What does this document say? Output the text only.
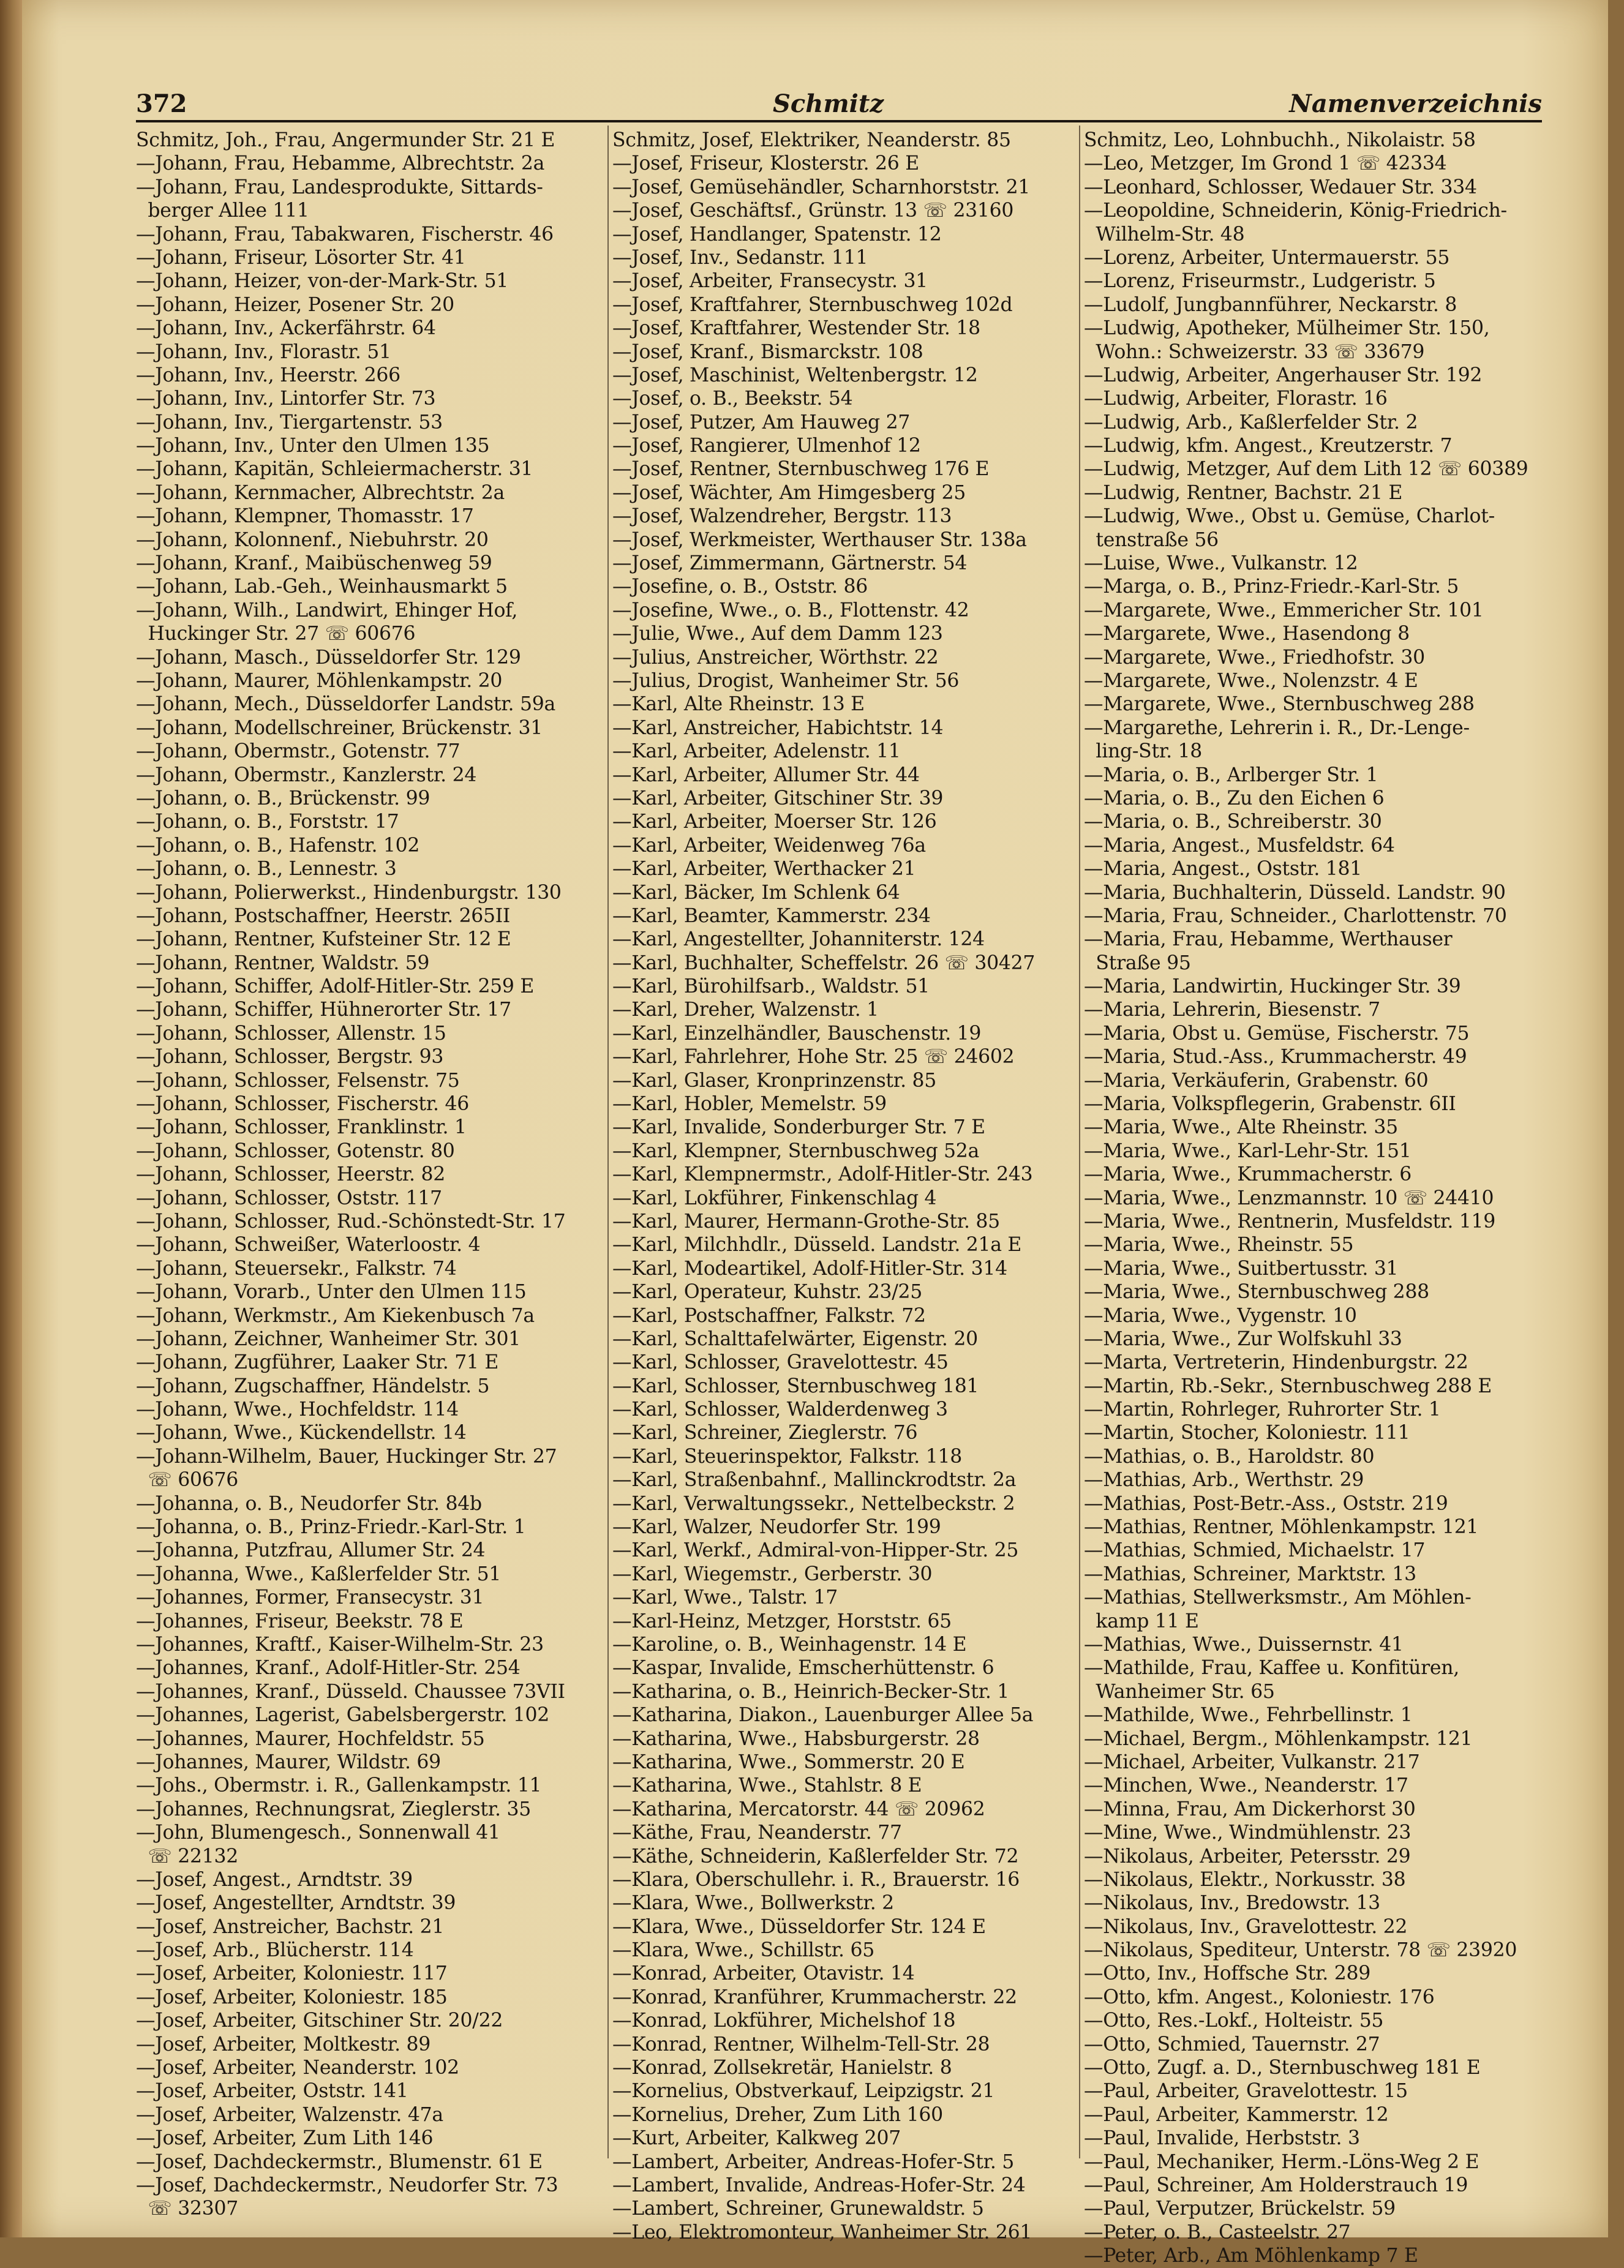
372	Schmitz	Namenverzeichnis
Schmitz, Joh., Frau, Angermunder Str. 21 E
—Johann, Frau, Hebamme, Albrechtstr. 2a
—Johann, Frau, Landesprodukte, Sittards-
berger Allee 111
—Johann, Frau, Tabakwaren, Fischerstr. 46
—Johann, Friseur, Lösorter Str. 41
—Johann, Heizer, von-der-Mark-Str. 51
—Johann, Heizer, Posener Str. 20
—Johann, Inv., Ackerfährstr. 64
—Johann, Inv., Florastr. 51
—Johann, Inv., Heerstr. 266
—Johann, Inv., Lintorfer Str. 73
—Johann, Inv., Tiergartenstr. 53
—Johann, Inv., Unter den Ulmen 135
—Johann, Kapitän, Schleiermacherstr. 31
—Johann, Kernmacher, Albrechtstr. 2a
—Johann, Klempner, Thomasstr. 17
—Johann, Kolonnenf., Niebuhrstr. 20
—Johann, Kranf., Maibüschenweg 59
—Johann, Lab.-Geh., Weinhausmarkt 5
—Johann, Wilh., Landwirt, Ehinger Hof,
Huckinger Str. 27 ☏ 60676
—Johann, Masch., Düsseldorfer Str. 129
—Johann, Maurer, Möhlenkampstr. 20
—Johann, Mech., Düsseldorfer Landstr. 59a
—Johann, Modellschreiner, Brückenstr. 31
—Johann, Obermstr., Gotenstr. 77
—Johann, Obermstr., Kanzlerstr. 24
—Johann, o. B., Brückenstr. 99
—Johann, o. B., Forststr. 17
—Johann, o. B., Hafenstr. 102
—Johann, o. B., Lennestr. 3
—Johann, Polierwerkst., Hindenburgstr. 130
—Johann, Postschaffner, Heerstr. 265II
—Johann, Rentner, Kufsteiner Str. 12 E
—Johann, Rentner, Waldstr. 59
—Johann, Schiffer, Adolf-Hitler-Str. 259 E
—Johann, Schiffer, Hühnerorter Str. 17
—Johann, Schlosser, Allenstr. 15
—Johann, Schlosser, Bergstr. 93
—Johann, Schlosser, Felsenstr. 75
—Johann, Schlosser, Fischerstr. 46
—Johann, Schlosser, Franklinstr. 1
—Johann, Schlosser, Gotenstr. 80
—Johann, Schlosser, Heerstr. 82
—Johann, Schlosser, Oststr. 117
—Johann, Schlosser, Rud.-Schönstedt-Str. 17
—Johann, Schweißer, Waterloostr. 4
—Johann, Steuersekr., Falkstr. 74
—Johann, Vorarb., Unter den Ulmen 115
—Johann, Werkmstr., Am Kiekenbusch 7a
—Johann, Zeichner, Wanheimer Str. 301
—Johann, Zugführer, Laaker Str. 71 E
—Johann, Zugschaffner, Händelstr. 5
—Johann, Wwe., Hochfeldstr. 114
—Johann, Wwe., Kückendellstr. 14
—Johann-Wilhelm, Bauer, Huckinger Str. 27
☏ 60676
—Johanna, o. B., Neudorfer Str. 84b
—Johanna, o. B., Prinz-Friedr.-Karl-Str. 1
—Johanna, Putzfrau, Allumer Str. 24
—Johanna, Wwe., Kaßlerfelder Str. 51
—Johannes, Former, Fransecystr. 31
—Johannes, Friseur, Beekstr. 78 E
—Johannes, Kraftf., Kaiser-Wilhelm-Str. 23
—Johannes, Kranf., Adolf-Hitler-Str. 254
—Johannes, Kranf., Düsseld. Chaussee 73VII
—Johannes, Lagerist, Gabelsbergerstr. 102
—Johannes, Maurer, Hochfeldstr. 55
—Johannes, Maurer, Wildstr. 69
—Johs., Obermstr. i. R., Gallenkampstr. 11
—Johannes, Rechnungsrat, Zieglerstr. 35
—John, Blumengesch., Sonnenwall 41
☏ 22132
—Josef, Angest., Arndtstr. 39
—Josef, Angestellter, Arndtstr. 39
—Josef, Anstreicher, Bachstr. 21
—Josef, Arb., Blücherstr. 114
—Josef, Arbeiter, Koloniestr. 117
—Josef, Arbeiter, Koloniestr. 185
—Josef, Arbeiter, Gitschiner Str. 20/22
—Josef, Arbeiter, Moltkestr. 89
—Josef, Arbeiter, Neanderstr. 102
—Josef, Arbeiter, Oststr. 141
—Josef, Arbeiter, Walzenstr. 47a
—Josef, Arbeiter, Zum Lith 146
—Josef, Dachdeckermstr., Blumenstr. 61 E
—Josef, Dachdeckermstr., Neudorfer Str. 73
☏ 32307
Schmitz, Josef, Elektriker, Neanderstr. 85
—Josef, Friseur, Klosterstr. 26 E
—Josef, Gemüsehändler, Scharnhorststr. 21
—Josef, Geschäftsf., Grünstr. 13 ☏ 23160
—Josef, Handlanger, Spatenstr. 12
—Josef, Inv., Sedanstr. 111
—Josef, Arbeiter, Fransecystr. 31
—Josef, Kraftfahrer, Sternbuschweg 102d
—Josef, Kraftfahrer, Westender Str. 18
—Josef, Kranf., Bismarckstr. 108
—Josef, Maschinist, Weltenbergstr. 12
—Josef, o. B., Beekstr. 54
—Josef, Putzer, Am Hauweg 27
—Josef, Rangierer, Ulmenhof 12
—Josef, Rentner, Sternbuschweg 176 E
—Josef, Wächter, Am Himgesberg 25
—Josef, Walzendreher, Bergstr. 113
—Josef, Werkmeister, Werthauser Str. 138a
—Josef, Zimmermann, Gärtnerstr. 54
—Josefine, o. B., Oststr. 86
—Josefine, Wwe., o. B., Flottenstr. 42
—Julie, Wwe., Auf dem Damm 123
—Julius, Anstreicher, Wörthstr. 22
—Julius, Drogist, Wanheimer Str. 56
—Karl, Alte Rheinstr. 13 E
—Karl, Anstreicher, Habichtstr. 14
—Karl, Arbeiter, Adelenstr. 11
—Karl, Arbeiter, Allumer Str. 44
—Karl, Arbeiter, Gitschiner Str. 39
—Karl, Arbeiter, Moerser Str. 126
—Karl, Arbeiter, Weidenweg 76a
—Karl, Arbeiter, Werthacker 21
—Karl, Bäcker, Im Schlenk 64
—Karl, Beamter, Kammerstr. 234
—Karl, Angestellter, Johanniterstr. 124
—Karl, Buchhalter, Scheffelstr. 26 ☏ 30427
—Karl, Bürohilfsarb., Waldstr. 51
—Karl, Dreher, Walzenstr. 1
—Karl, Einzelhändler, Bauschenstr. 19
—Karl, Fahrlehrer, Hohe Str. 25 ☏ 24602
—Karl, Glaser, Kronprinzenstr. 85
—Karl, Hobler, Memelstr. 59
—Karl, Invalide, Sonderburger Str. 7 E
—Karl, Klempner, Sternbuschweg 52a
—Karl, Klempnermstr., Adolf-Hitler-Str. 243
—Karl, Lokführer, Finkenschlag 4
—Karl, Maurer, Hermann-Grothe-Str. 85
—Karl, Milchhdlr., Düsseld. Landstr. 21a E
—Karl, Modeartikel, Adolf-Hitler-Str. 314
—Karl, Operateur, Kuhstr. 23/25
—Karl, Postschaffner, Falkstr. 72
—Karl, Schalttafelwärter, Eigenstr. 20
—Karl, Schlosser, Gravelottestr. 45
—Karl, Schlosser, Sternbuschweg 181
—Karl, Schlosser, Walderdenweg 3
—Karl, Schreiner, Zieglerstr. 76
—Karl, Steuerinspektor, Falkstr. 118
—Karl, Straßenbahnf., Mallinckrodtstr. 2a
—Karl, Verwaltungssekr., Nettelbeckstr. 2
—Karl, Walzer, Neudorfer Str. 199
—Karl, Werkf., Admiral-von-Hipper-Str. 25
—Karl, Wiegemstr., Gerberstr. 30
—Karl, Wwe., Talstr. 17
—Karl-Heinz, Metzger, Horststr. 65
—Karoline, o. B., Weinhagenstr. 14 E
—Kaspar, Invalide, Emscherhüttenstr. 6
—Katharina, o. B., Heinrich-Becker-Str. 1
—Katharina, Diakon., Lauenburger Allee 5a
—Katharina, Wwe., Habsburgerstr. 28
—Katharina, Wwe., Sommerstr. 20 E
—Katharina, Wwe., Stahlstr. 8 E
—Katharina, Mercatorstr. 44 ☏ 20962
—Käthe, Frau, Neanderstr. 77
—Käthe, Schneiderin, Kaßlerfelder Str. 72
—Klara, Oberschullehr. i. R., Brauerstr. 16
—Klara, Wwe., Bollwerkstr. 2
—Klara, Wwe., Düsseldorfer Str. 124 E
—Klara, Wwe., Schillstr. 65
—Konrad, Arbeiter, Otavistr. 14
—Konrad, Kranführer, Krummacherstr. 22
—Konrad, Lokführer, Michelshof 18
—Konrad, Rentner, Wilhelm-Tell-Str. 28
—Konrad, Zollsekretär, Hanielstr. 8
—Kornelius, Obstverkauf, Leipzigstr. 21
—Kornelius, Dreher, Zum Lith 160
—Kurt, Arbeiter, Kalkweg 207
—Lambert, Arbeiter, Andreas-Hofer-Str. 5
—Lambert, Invalide, Andreas-Hofer-Str. 24
—Lambert, Schreiner, Grunewaldstr. 5
—Leo, Elektromonteur, Wanheimer Str. 261
Schmitz, Leo, Lohnbuchh., Nikolaistr. 58
—Leo, Metzger, Im Grond 1 ☏ 42334
—Leonhard, Schlosser, Wedauer Str. 334
—Leopoldine, Schneiderin, König-Friedrich-
Wilhelm-Str. 48
—Lorenz, Arbeiter, Untermauerstr. 55
—Lorenz, Friseurmstr., Ludgeristr. 5
—Ludolf, Jungbannführer, Neckarstr. 8
—Ludwig, Apotheker, Mülheimer Str. 150,
Wohn.: Schweizerstr. 33 ☏ 33679
—Ludwig, Arbeiter, Angerhauser Str. 192
—Ludwig, Arbeiter, Florastr. 16
—Ludwig, Arb., Kaßlerfelder Str. 2
—Ludwig, kfm. Angest., Kreutzerstr. 7
—Ludwig, Metzger, Auf dem Lith 12 ☏ 60389
—Ludwig, Rentner, Bachstr. 21 E
—Ludwig, Wwe., Obst u. Gemüse, Charlot-
tenstraße 56
—Luise, Wwe., Vulkanstr. 12
—Marga, o. B., Prinz-Friedr.-Karl-Str. 5
—Margarete, Wwe., Emmericher Str. 101
—Margarete, Wwe., Hasendong 8
—Margarete, Wwe., Friedhofstr. 30
—Margarete, Wwe., Nolenzstr. 4 E
—Margarete, Wwe., Sternbuschweg 288
—Margarethe, Lehrerin i. R., Dr.-Lenge-
ling-Str. 18
—Maria, o. B., Arlberger Str. 1
—Maria, o. B., Zu den Eichen 6
—Maria, o. B., Schreiberstr. 30
—Maria, Angest., Musfeldstr. 64
—Maria, Angest., Oststr. 181
—Maria, Buchhalterin, Düsseld. Landstr. 90
—Maria, Frau, Schneider., Charlottenstr. 70
—Maria, Frau, Hebamme, Werthauser
Straße 95
—Maria, Landwirtin, Huckinger Str. 39
—Maria, Lehrerin, Biesenstr. 7
—Maria, Obst u. Gemüse, Fischerstr. 75
—Maria, Stud.-Ass., Krummacherstr. 49
—Maria, Verkäuferin, Grabenstr. 60
—Maria, Volkspflegerin, Grabenstr. 6II
—Maria, Wwe., Alte Rheinstr. 35
—Maria, Wwe., Karl-Lehr-Str. 151
—Maria, Wwe., Krummacherstr. 6
—Maria, Wwe., Lenzmannstr. 10 ☏ 24410
—Maria, Wwe., Rentnerin, Musfeldstr. 119
—Maria, Wwe., Rheinstr. 55
—Maria, Wwe., Suitbertusstr. 31
—Maria, Wwe., Sternbuschweg 288
—Maria, Wwe., Vygenstr. 10
—Maria, Wwe., Zur Wolfskuhl 33
—Marta, Vertreterin, Hindenburgstr. 22
—Martin, Rb.-Sekr., Sternbuschweg 288 E
—Martin, Rohrleger, Ruhrorter Str. 1
—Martin, Stocher, Koloniestr. 111
—Mathias, o. B., Haroldstr. 80
—Mathias, Arb., Werthstr. 29
—Mathias, Post-Betr.-Ass., Oststr. 219
—Mathias, Rentner, Möhlenkampstr. 121
—Mathias, Schmied, Michaelstr. 17
—Mathias, Schreiner, Marktstr. 13
—Mathias, Stellwerksmstr., Am Möhlen-
kamp 11 E
—Mathias, Wwe., Duissernstr. 41
—Mathilde, Frau, Kaffee u. Konfitüren,
Wanheimer Str. 65
—Mathilde, Wwe., Fehrbellinstr. 1
—Michael, Bergm., Möhlenkampstr. 121
—Michael, Arbeiter, Vulkanstr. 217
—Minchen, Wwe., Neanderstr. 17
—Minna, Frau, Am Dickerhorst 30
—Mine, Wwe., Windmühlenstr. 23
—Nikolaus, Arbeiter, Petersstr. 29
—Nikolaus, Elektr., Norkusstr. 38
—Nikolaus, Inv., Bredowstr. 13
—Nikolaus, Inv., Gravelottestr. 22
—Nikolaus, Spediteur, Unterstr. 78 ☏ 23920
—Otto, Inv., Hoffsche Str. 289
—Otto, kfm. Angest., Koloniestr. 176
—Otto, Res.-Lokf., Holteistr. 55
—Otto, Schmied, Tauernstr. 27
—Otto, Zugf. a. D., Sternbuschweg 181 E
—Paul, Arbeiter, Gravelottestr. 15
—Paul, Arbeiter, Kammerstr. 12
—Paul, Invalide, Herbststr. 3
—Paul, Mechaniker, Herm.-Löns-Weg 2 E
—Paul, Schreiner, Am Holderstrauch 19
—Paul, Verputzer, Brückelstr. 59
—Peter, o. B., Casteelstr. 27
—Peter, Arb., Am Möhlenkamp 7 E
